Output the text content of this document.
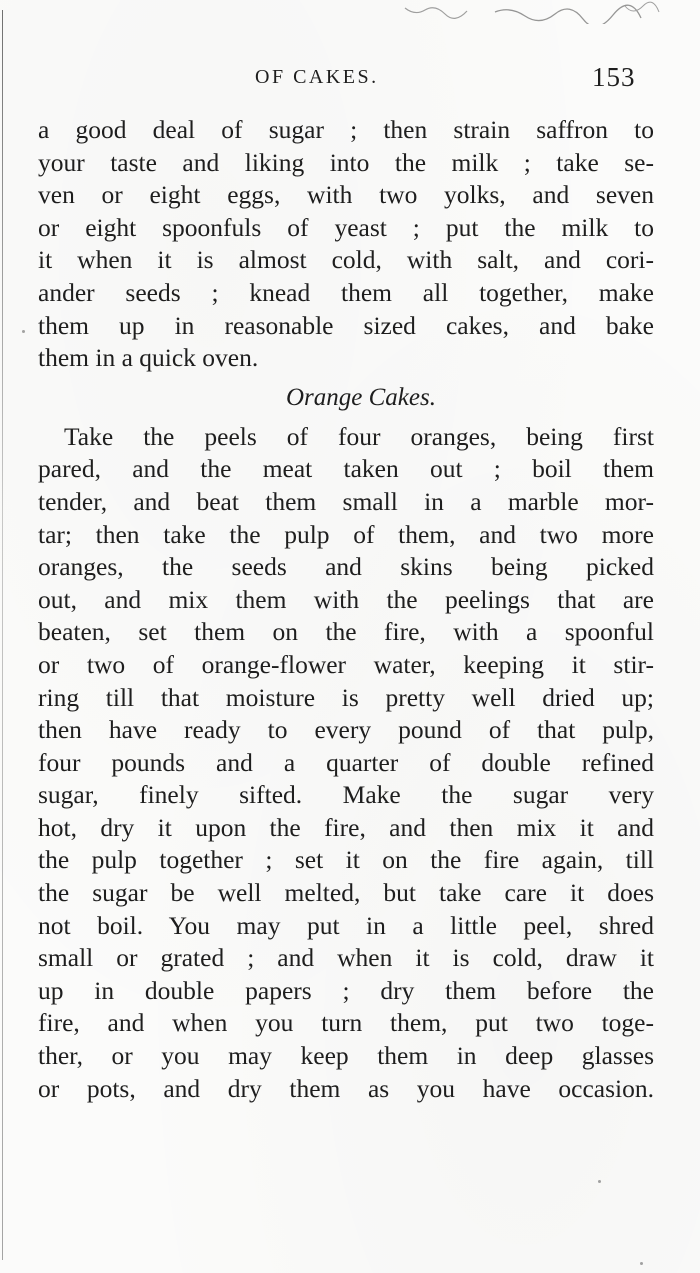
OF CAKES.	153
a good deal of sugar ; then strain saffron to
your taste and liking into the milk ; take se-
ven or eight eggs, with two yolks, and seven
or eight spoonfuls of yeast ; put the milk to
it when it is almost cold, with salt, and cori-
ander seeds ; knead them all together, make
them up in reasonable sized cakes, and bake
them in a quick oven.
Orange Cakes.
Take the peels of four oranges, being first
pared, and the meat taken out ; boil them
tender, and beat them small in a marble mor-
tar; then take the pulp of them, and two more
oranges, the seeds and skins being picked
out, and mix them with the peelings that are
beaten, set them on the fire, with a spoonful
or two of orange-flower water, keeping it stir-
ring till that moisture is pretty well dried up;
then have ready to every pound of that pulp,
four pounds and a quarter of double refined
sugar, finely sifted. Make the sugar very
hot, dry it upon the fire, and then mix it and
the pulp together ; set it on the fire again, till
the sugar be well melted, but take care it does
not boil. You may put in a little peel, shred
small or grated ; and when it is cold, draw it
up in double papers ; dry them before the
fire, and when you turn them, put two toge-
ther, or you may keep them in deep glasses
or pots, and dry them as you have occasion.
